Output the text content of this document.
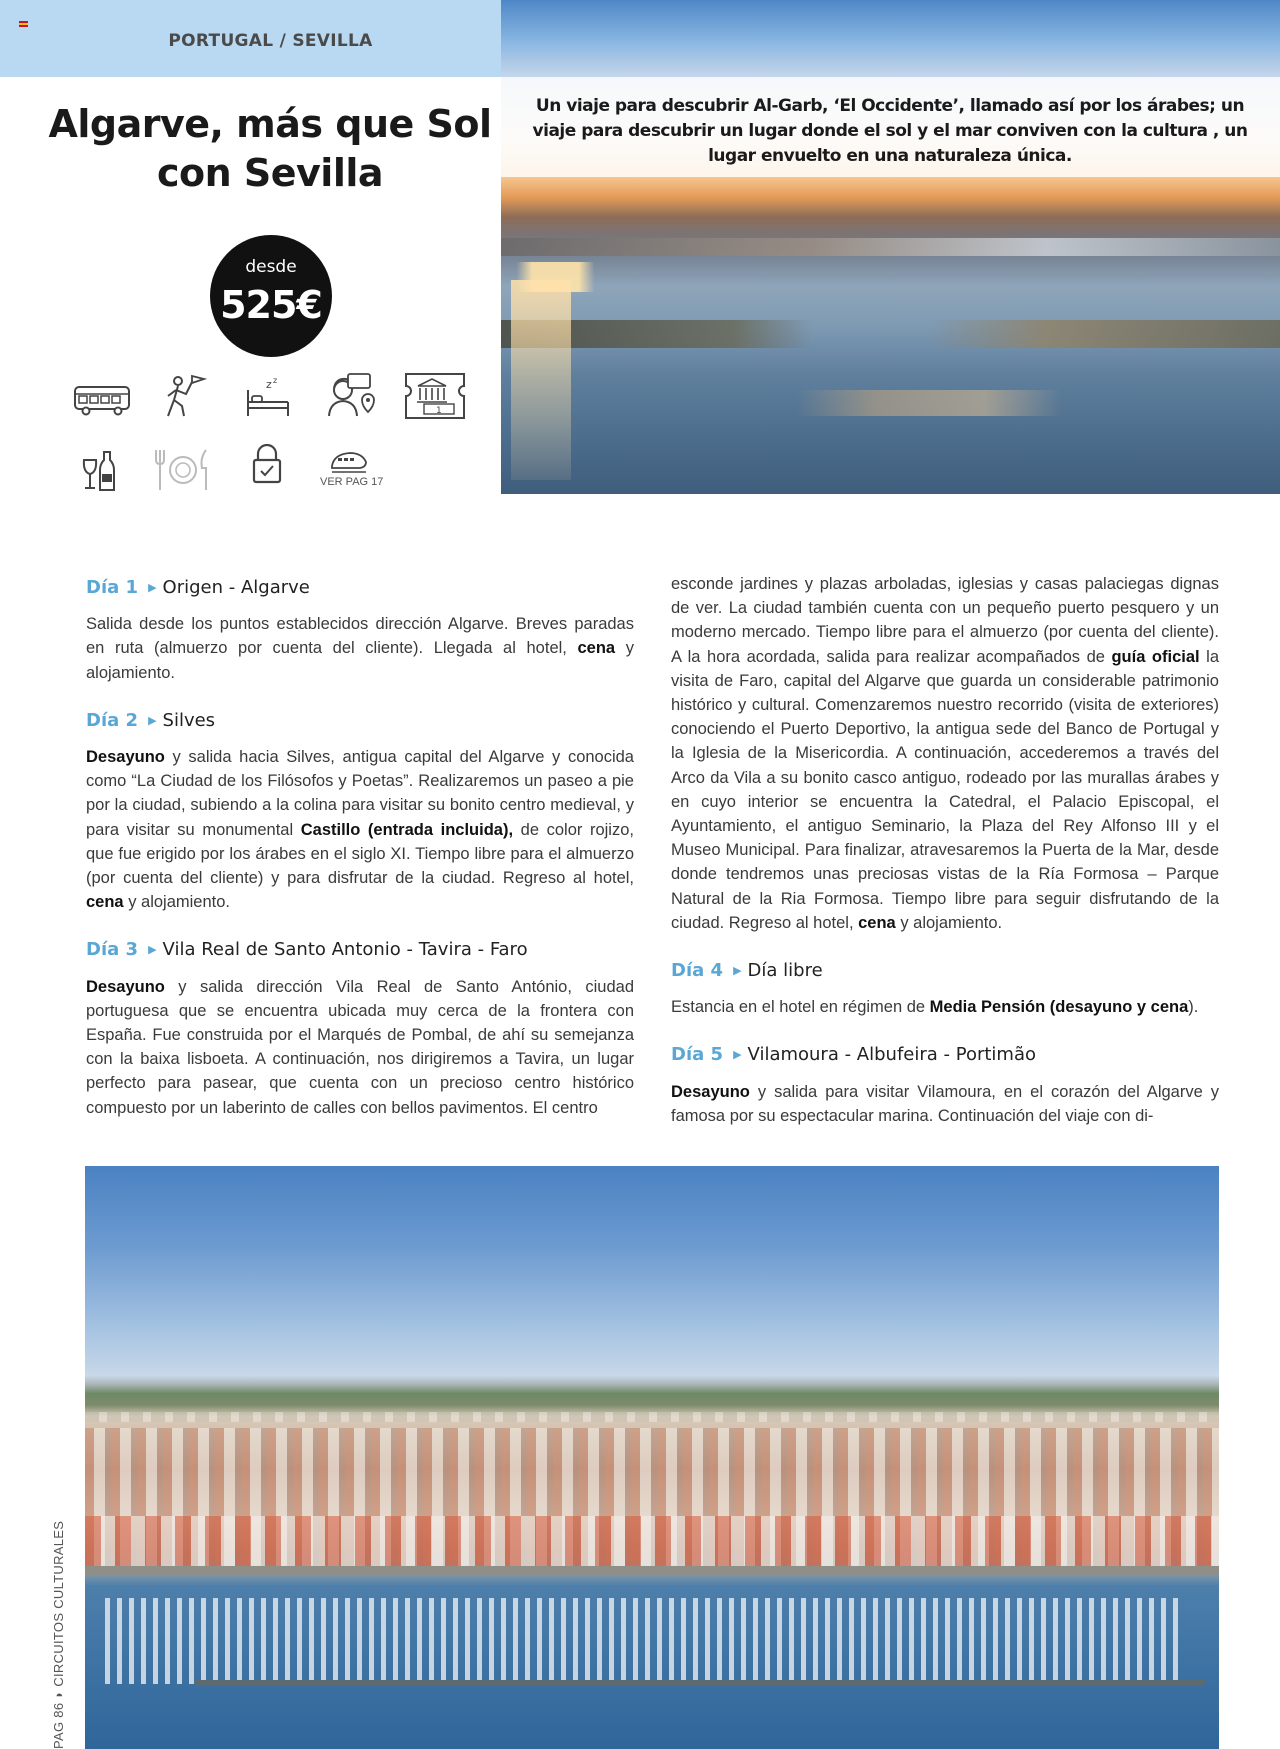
PORTUGAL / SEVILLA
Un viaje para descubrir Al-Garb, ‘El Occidente’, llamado así por los árabes; un viaje para descubrir un lugar donde el sol y el mar conviven con la cultura , un lugar envuelto en una naturaleza única.
Algarve, más que Sol
con Sevilla
desde
525€
z z
1
VER PAG 17
Día 1 ▶ Origen - Algarve

Salida desde los puntos establecidos dirección Algarve. Breves paradas en ruta (almuerzo por cuenta del cliente). Llegada al hotel, cena y alojamiento.

Día 2 ▶ Silves

Desayuno y salida hacia Silves, antigua capital del Algarve y conocida como “La Ciudad de los Filósofos y Poetas”. Realizaremos un paseo a pie por la ciudad, subiendo a la colina para visitar su bonito centro medieval, y para visitar su monumental Castillo (entrada incluida), de color rojizo, que fue erigido por los árabes en el siglo XI. Tiempo libre para el almuerzo (por cuenta del cliente) y para disfrutar de la ciudad. Regreso al hotel, cena y alojamiento.

Día 3 ▶ Vila Real de Santo Antonio - Tavira - Faro

Desayuno y salida dirección Vila Real de Santo António, ciudad portuguesa que se encuentra ubicada muy cerca de la frontera con España. Fue construida por el Marqués de Pombal, de ahí su semejanza con la baixa lisboeta. A continuación, nos dirigiremos a Tavira, un lugar perfecto para pasear, que cuenta con un precioso centro histórico compuesto por un laberinto de calles con bellos pavimentos. El centro

esconde jardines y plazas arboladas, iglesias y casas palaciegas dignas de ver. La ciudad también cuenta con un pequeño puerto pesquero y un moderno mercado. Tiempo libre para el almuerzo (por cuenta del cliente). A la hora acordada, salida para realizar acompañados de guía oficial la visita de Faro, capital del Algarve que guarda un considerable patrimonio histórico y cultural. Comenzaremos nuestro recorrido (visita de exteriores) conociendo el Puerto Deportivo, la antigua sede del Banco de Portugal y la Iglesia de la Misericordia. A continuación, accederemos a través del Arco da Vila a su bonito casco antiguo, rodeado por las murallas árabes y en cuyo interior se encuentra la Catedral, el Palacio Episcopal, el Ayuntamiento, el antiguo Seminario, la Plaza del Rey Alfonso III y el Museo Municipal. Para finalizar, atravesaremos la Puerta de la Mar, desde donde tendremos unas preciosas vistas de la Ría Formosa – Parque Natural de la Ria Formosa. Tiempo libre para seguir disfrutando de la ciudad. Regreso al hotel, cena y alojamiento.

Día 4 ▶ Día libre

Estancia en el hotel en régimen de Media Pensión (desayuno y cena).

Día 5 ▶ Vilamoura - Albufeira - Portimão

Desayuno y salida para visitar Vilamoura, en el corazón del Algarve y famosa por su espectacular marina. Continuación del viaje con di-

PAG 86 ◗ CIRCUITOS CULTURALES
